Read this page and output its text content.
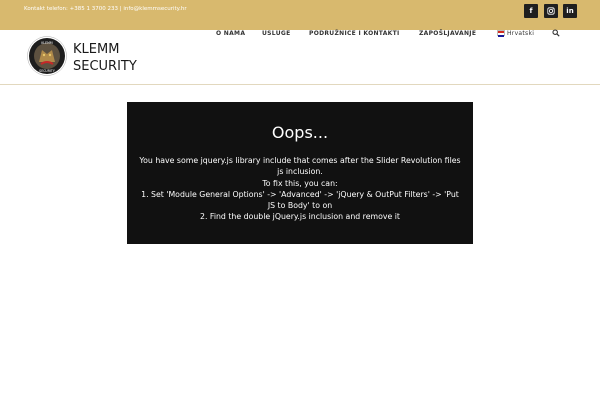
Kontakt telefon: +385 1 3700 233 | info@klemmsecurity.hr	f	in
KLEMM
SECURITY
KLEMM
SECURITY
O NAMA	USLUGE	PODRUŽNICE I KONTAKTI	ZAPOŠLJAVANJE	Hrvatski
Oops...
You have some jquery.js library include that comes after the Slider Revolution files js inclusion.
To fix this, you can:
1. Set 'Module General Options' -> 'Advanced' -> 'jQuery & OutPut Filters' -> 'Put JS to Body' to on
2. Find the double jQuery.js inclusion and remove it
